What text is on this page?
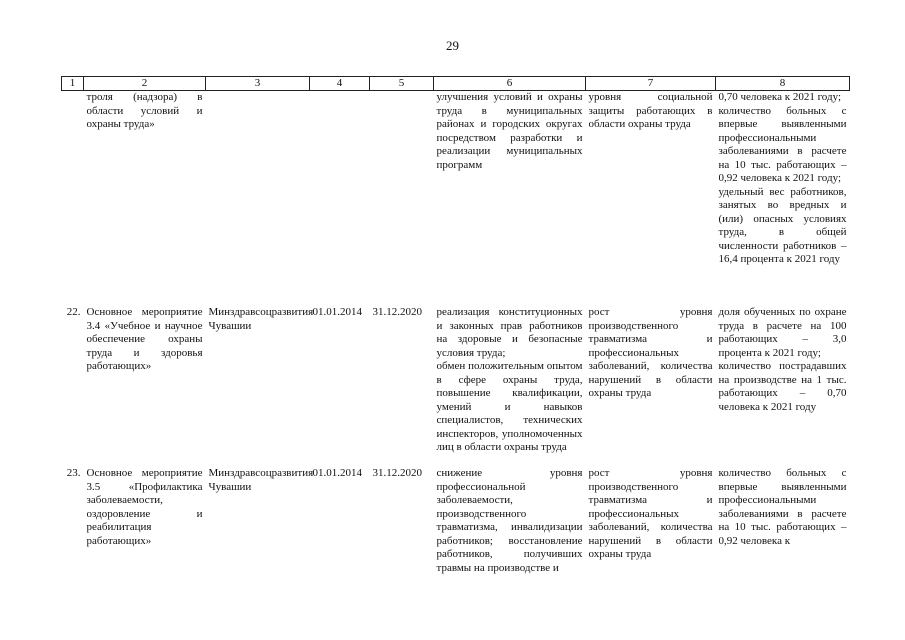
29
1	2	3	4	5	6	7	8
	троля (надзора) в области условий и охраны труда»				улучшения условий и охраны труда в муниципальных районах и городских округах посредством разработки и реализации муниципальных программ	уровня социальной защиты работающих в области охраны труда	0,70 человека к 2021 году;
количество больных с впервые выявленными профессиональными заболеваниями в расчете на 10 тыс. работающих – 0,92 человека к 2021 году;
удельный вес работников, занятых во вредных и (или) опасных условиях труда, в общей численности работников – 16,4 процента к 2021 году

22.	Основное мероприятие 3.4 «Учебное и научное обеспечение охраны труда и здоровья работающих»	Минздравсоцразвития Чувашии	01.01.2014	31.12.2020	реализация конституционных и законных прав работников на здоровые и безопасные условия труда;
обмен положительным опытом в сфере охраны труда, повышение квалификации, умений и навыков специалистов, технических инспекторов, уполномоченных лиц в области охраны труда	рост уровня производственного травматизма и профессиональных заболеваний, количества нарушений в области охраны труда	доля обученных по охране труда в расчете на 100 работающих – 3,0 процента к 2021 году;
количество пострадавших на производстве на 1 тыс. работающих – 0,70 человека к 2021 году

23.	Основное мероприятие 3.5 «Профилактика заболеваемости, оздоровление и реабилитация работающих»	Минздравсоцразвития Чувашии	01.01.2014	31.12.2020	снижение уровня профессиональной заболеваемости, производственного травматизма, инвалидизации работников; восстановление работников, получивших травмы на производстве и	рост уровня производственного травматизма и профессиональных заболеваний, количества нарушений в области охраны труда	количество больных с впервые выявленными профессиональными заболеваниями в расчете на 10 тыс. работающих – 0,92 человека к
